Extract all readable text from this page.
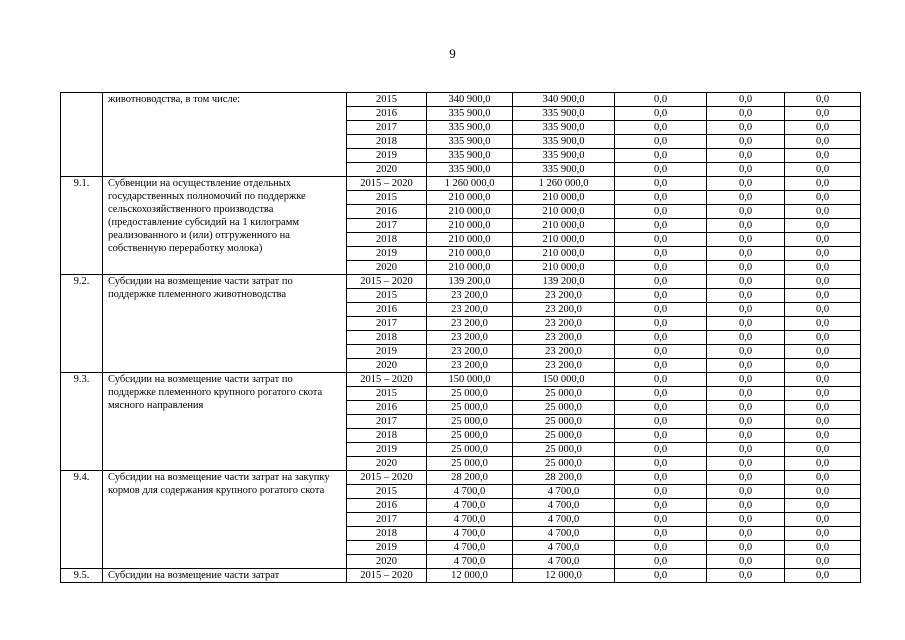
9
	животноводства, в том числе:	2015	340 900,0	340 900,0	0,0	0,0	0,0
		2016	335 900,0	335 900,0	0,0	0,0	0,0
		2017	335 900,0	335 900,0	0,0	0,0	0,0
		2018	335 900,0	335 900,0	0,0	0,0	0,0
		2019	335 900,0	335 900,0	0,0	0,0	0,0
		2020	335 900,0	335 900,0	0,0	0,0	0,0
9.1.	Субвенции на осуществление отдельных государственных полномочий по поддержке сельскохозяйственного производства (предоставление субсидий на 1 килограмм реализованного и (или) отгруженного на собственную переработку молока)	2015 – 2020	1 260 000,0	1 260 000,0	0,0	0,0	0,0
		2015	210 000,0	210 000,0	0,0	0,0	0,0
		2016	210 000,0	210 000,0	0,0	0,0	0,0
		2017	210 000,0	210 000,0	0,0	0,0	0,0
		2018	210 000,0	210 000,0	0,0	0,0	0,0
		2019	210 000,0	210 000,0	0,0	0,0	0,0
		2020	210 000,0	210 000,0	0,0	0,0	0,0
9.2.	Субсидии на возмещение части затрат по поддержке племенного животноводства	2015 – 2020	139 200,0	139 200,0	0,0	0,0	0,0
		2015	23 200,0	23 200,0	0,0	0,0	0,0
		2016	23 200,0	23 200,0	0,0	0,0	0,0
		2017	23 200,0	23 200,0	0,0	0,0	0,0
		2018	23 200,0	23 200,0	0,0	0,0	0,0
		2019	23 200,0	23 200,0	0,0	0,0	0,0
		2020	23 200,0	23 200,0	0,0	0,0	0,0
9.3.	Субсидии на возмещение части затрат по поддержке племенного крупного рогатого скота мясного направления	2015 – 2020	150 000,0	150 000,0	0,0	0,0	0,0
		2015	25 000,0	25 000,0	0,0	0,0	0,0
		2016	25 000,0	25 000,0	0,0	0,0	0,0
		2017	25 000,0	25 000,0	0,0	0,0	0,0
		2018	25 000,0	25 000,0	0,0	0,0	0,0
		2019	25 000,0	25 000,0	0,0	0,0	0,0
		2020	25 000,0	25 000,0	0,0	0,0	0,0
9.4.	Субсидии на возмещение части затрат на закупку кормов для содержания крупного рогатого скота	2015 – 2020	28 200,0	28 200,0	0,0	0,0	0,0
		2015	4 700,0	4 700,0	0,0	0,0	0,0
		2016	4 700,0	4 700,0	0,0	0,0	0,0
		2017	4 700,0	4 700,0	0,0	0,0	0,0
		2018	4 700,0	4 700,0	0,0	0,0	0,0
		2019	4 700,0	4 700,0	0,0	0,0	0,0
		2020	4 700,0	4 700,0	0,0	0,0	0,0
9.5.	Субсидии на возмещение части затрат	2015 – 2020	12 000,0	12 000,0	0,0	0,0	0,0
